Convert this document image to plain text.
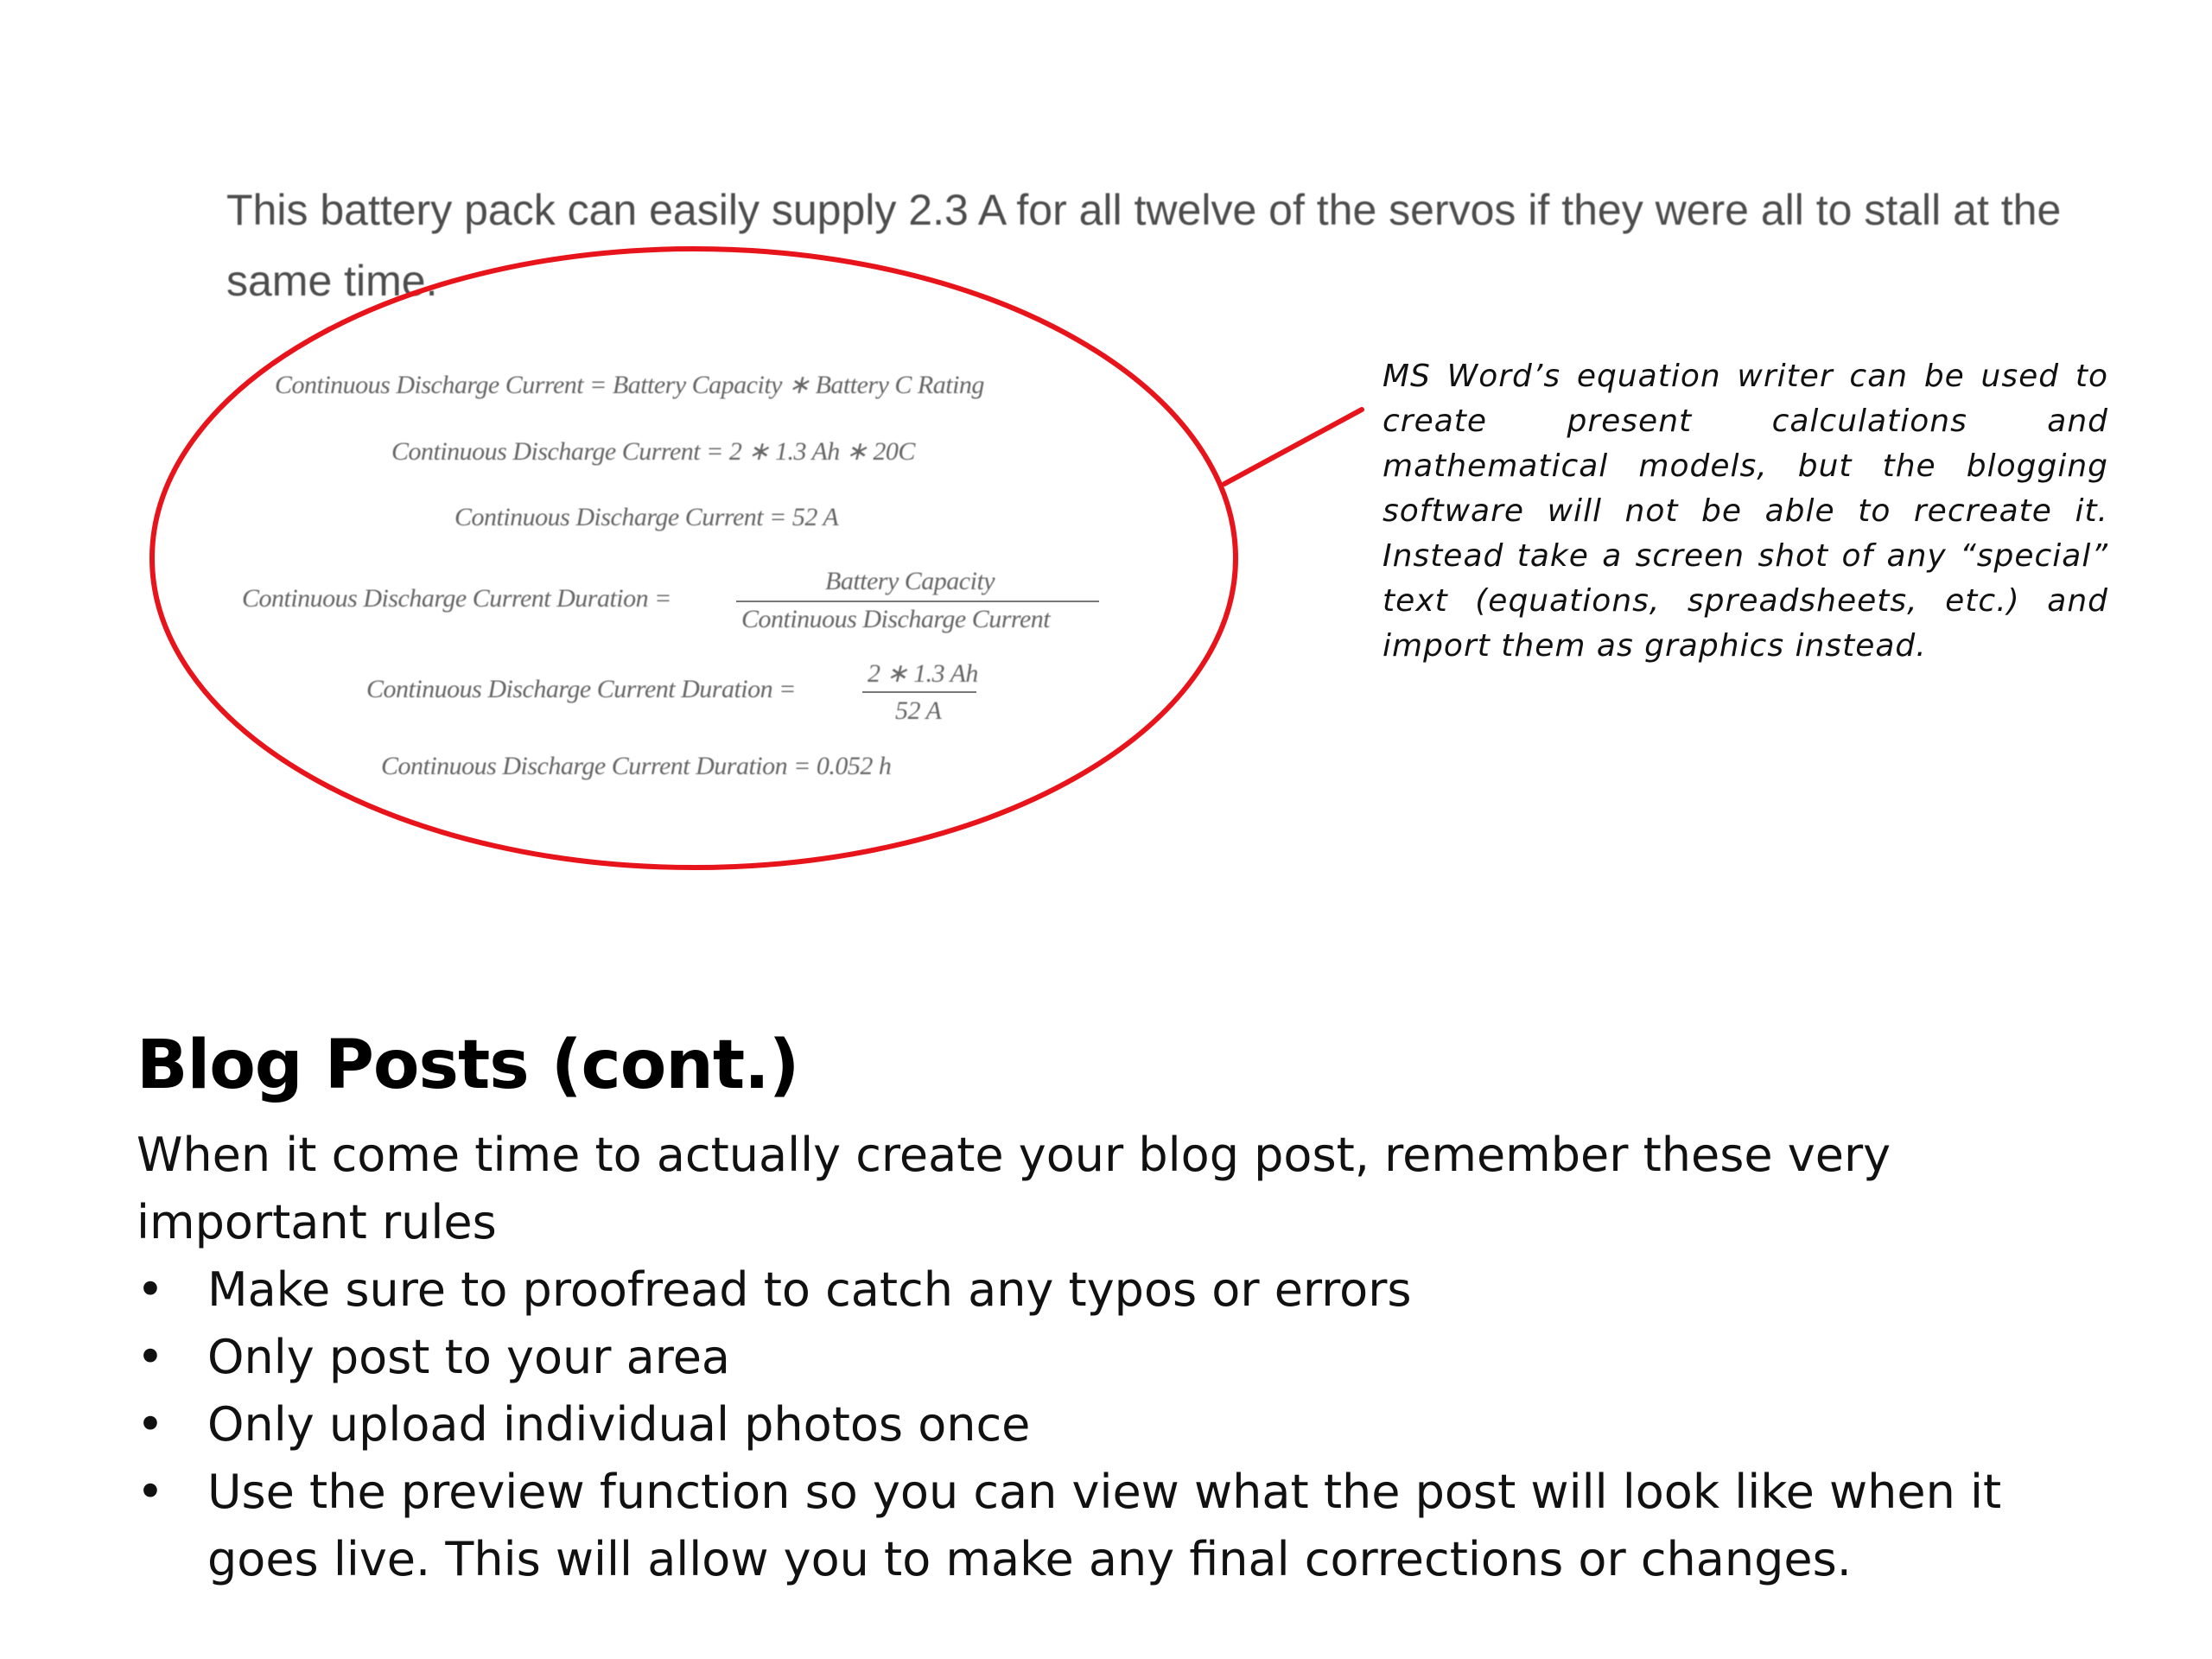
This battery pack can easily supply 2.3 A for all twelve of the servos if they were all to stall at the same time.

Continuous Discharge Current = Battery Capacity ∗ Battery C Rating
Continuous Discharge Current = 2 ∗ 1.3 Ah ∗ 20C
Continuous Discharge Current = 52 A
Continuous Discharge Current Duration =
Battery Capacity
Continuous Discharge Current
Continuous Discharge Current Duration =
2 ∗ 1.3 Ah
52 A
Continuous Discharge Current Duration = 0.052 h

MS Word’s equation writer can be used to create present calculations and mathematical models, but the blogging software will not be able to recreate it. Instead take a screen shot of any “special” text (equations, spreadsheets, etc.) and import them as graphics instead.

Blog Posts (cont.)

When it come time to actually create your blog post, remember these very important rules

• Make sure to proofread to catch any typos or errors
• Only post to your area
• Only upload individual photos once
• Use the preview function so you can view what the post will look like when it goes live. This will allow you to make any final corrections or changes.
